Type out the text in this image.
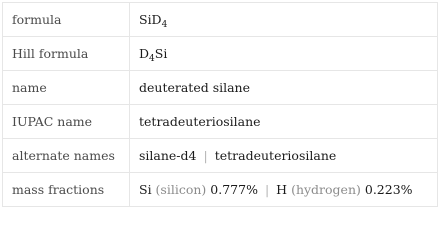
formula	SiD$_4$
Hill formula	$D_4Si$
name	deuterated silane
IUPAC name	tetradeuteriosilane
alternate names	silane-d4 | tetradeuteriosilane
mass fractions	Si (silicon) 0.777% | H (hydrogen) 0.223%
